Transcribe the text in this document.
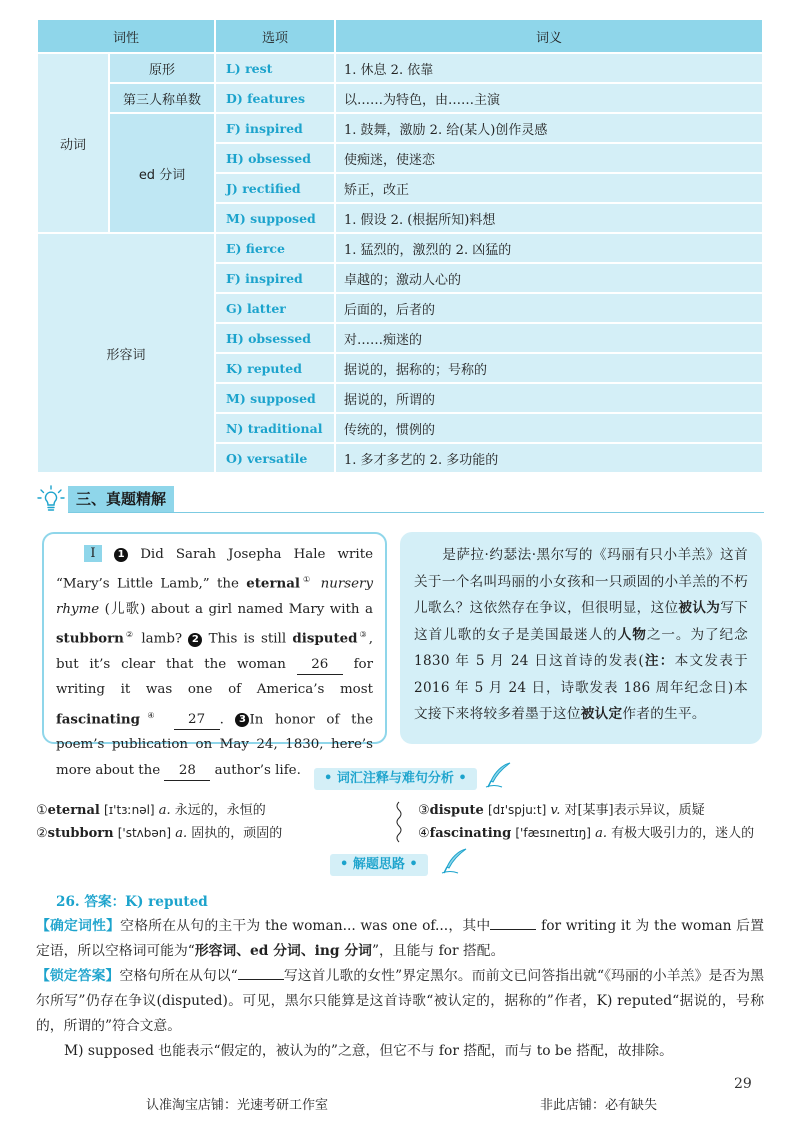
词性		选项	词义
动词	原形	L) rest	1. 休息 2. 依靠
	第三人称单数	D) features	以……为特色，由……主演
	ed 分词	F) inspired	1. 鼓舞，激励 2. 给(某人)创作灵感
		H) obsessed	使痴迷，使迷恋
		J) rectified	矫正，改正
		M) supposed	1. 假设 2. (根据所知)料想
形容词		E) fierce	1. 猛烈的，激烈的 2. 凶猛的
		F) inspired	卓越的；激动人心的
		G) latter	后面的，后者的
		H) obsessed	对……痴迷的
		K) reputed	据说的，据称的；号称的
		M) supposed	据说的，所谓的
		N) traditional	传统的，惯例的
		O) versatile	1. 多才多艺的 2. 多功能的
三、真题精解
Ⅰ 1 Did Sarah Josepha Hale write “Mary’s Little Lamb,” the eternal① nursery rhyme (儿歌) about a girl named Mary with a stubborn② lamb? 2 This is still disputed③, but it’s clear that the woman 26 for writing it was one of America’s most fascinating④ 27 . 3 In honor of the poem’s publication on May 24, 1830, here’s more about the 28 author’s life.
是萨拉·约瑟法·黑尔写的《玛丽有只小羊羔》这首关于一个名叫玛丽的小女孩和一只顽固的小羊羔的不朽儿歌么？这依然存在争议，但很明显，这位被认为写下这首儿歌的女子是美国最迷人的人物之一。为了纪念 1830 年 5 月 24 日这首诗的发表(注：本文发表于 2016 年 5 月 24 日，诗歌发表 186 周年纪念日)本文接下来将较多着墨于这位被认定作者的生平。
• 词汇注释与难句分析 •
①eternal [ɪ'tɜːnəl] a. 永远的，永恒的
②stubborn ['stʌbən] a. 固执的，顽固的
③dispute [dɪ'spjuːt] v. 对[某事]表示异议，质疑
④fascinating ['fæsɪneɪtɪŋ] a. 有极大吸引力的，迷人的
• 解题思路 •
26. 答案：K) reputed
【确定词性】空格所在从句的主干为 the woman... was one of...，其中	for writing it 为 the woman 后置定语，所以空格词可能为“形容词、ed 分词、ing 分词”，且能与 for 搭配。
【锁定答案】空格句所在从句以“	写这首儿歌的女性”界定黑尔。而前文已问答指出就“《玛丽的小羊羔》是否为黑尔所写”仍存在争议(disputed)。可见，黑尔只能算是这首诗歌“被认定的，据称的”作者，K) reputed“据说的，号称的，所谓的”符合文意。
M) supposed 也能表示“假定的，被认为的”之意，但它不与 for 搭配，而与 to be 搭配，故排除。
29
认准淘宝店铺：光速考研工作室	非此店铺：必有缺失
